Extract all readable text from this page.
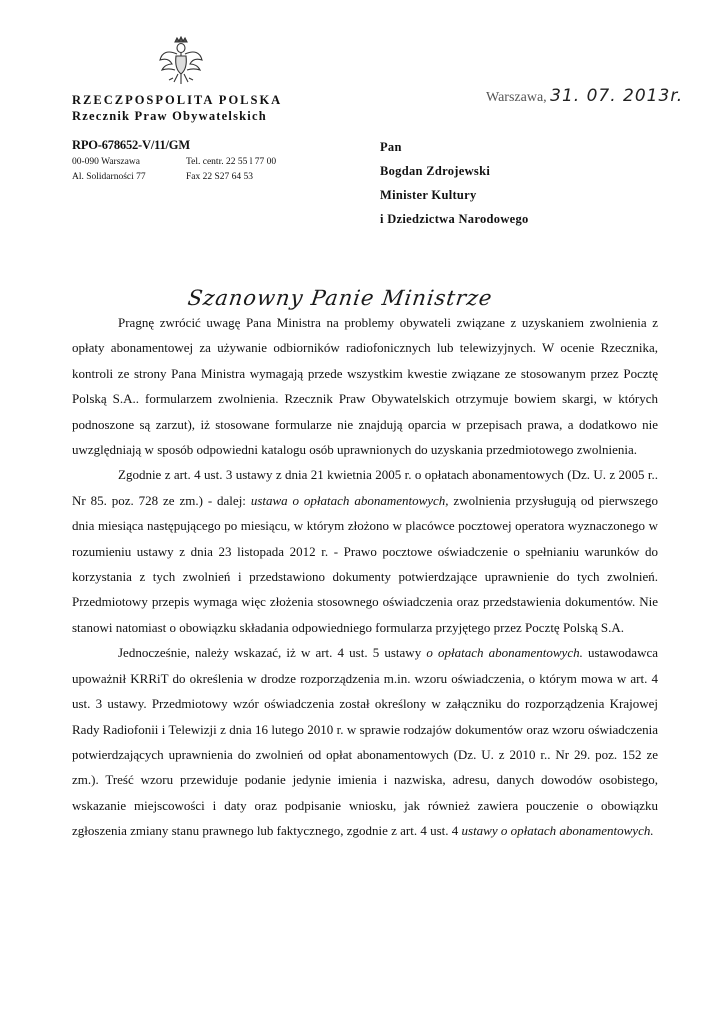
RZECZPOSPOLITA POLSKA
Rzecznik Praw Obywatelskich
Warszawa, 31. 07. 2013r.
RPO-678652-V/11/GM
00-090 Warszawa	Tel. centr. 22 55 l 77 00
Al. Solidarności 77	Fax 22 S27 64 53
Pan
Bogdan Zdrojewski
Minister Kultury
i Dziedzictwa Narodowego
Szanowny Panie Ministrze

Pragnę zwrócić uwagę Pana Ministra na problemy obywateli związane z uzyskaniem zwolnienia z opłaty abonamentowej za używanie odbiorników radiofonicznych lub telewizyjnych. W ocenie Rzecznika, kontroli ze strony Pana Ministra wymagają przede wszystkim kwestie związane ze stosowanym przez Pocztę Polską S.A.. formularzem zwolnienia. Rzecznik Praw Obywatelskich otrzymuje bowiem skargi, w których podnoszone są zarzut), iż stosowane formularze nie znajdują oparcia w przepisach prawa, a dodatkowo nie uwzględniają w sposób odpowiedni katalogu osób uprawnionych do uzyskania przedmiotowego zwolnienia.

Zgodnie z art. 4 ust. 3 ustawy z dnia 21 kwietnia 2005 r. o opłatach abonamentowych (Dz. U. z 2005 r.. Nr 85. poz. 728 ze zm.) - dalej: ustawa o opłatach abonamentowych, zwolnienia przysługują od pierwszego dnia miesiąca następującego po miesiącu, w którym złożono w placówce pocztowej operatora wyznaczonego w rozumieniu ustawy z dnia 23 listopada 2012 r. - Prawo pocztowe oświadczenie o spełnianiu warunków do korzystania z tych zwolnień i przedstawiono dokumenty potwierdzające uprawnienie do tych zwolnień. Przedmiotowy przepis wymaga więc złożenia stosownego oświadczenia oraz przedstawienia dokumentów. Nie stanowi natomiast o obowiązku składania odpowiedniego formularza przyjętego przez Pocztę Polską S.A.

Jednocześnie, należy wskazać, iż w art. 4 ust. 5 ustawy o opłatach abonamentowych. ustawodawca upoważnił KRRiT do określenia w drodze rozporządzenia m.in. wzoru oświadczenia, o którym mowa w art. 4 ust. 3 ustawy. Przedmiotowy wzór oświadczenia został określony w załączniku do rozporządzenia Krajowej Rady Radiofonii i Telewizji z dnia 16 lutego 2010 r. w sprawie rodzajów dokumentów oraz wzoru oświadczenia potwierdzających uprawnienia do zwolnień od opłat abonamentowych (Dz. U. z 2010 r.. Nr 29. poz. 152 ze zm.). Treść wzoru przewiduje podanie jedynie imienia i nazwiska, adresu, danych dowodów osobistego, wskazanie miejscowości i daty oraz podpisanie wniosku, jak również zawiera pouczenie o obowiązku zgłoszenia zmiany stanu prawnego lub faktycznego, zgodnie z art. 4 ust. 4 ustawy o opłatach abonamentowych.
